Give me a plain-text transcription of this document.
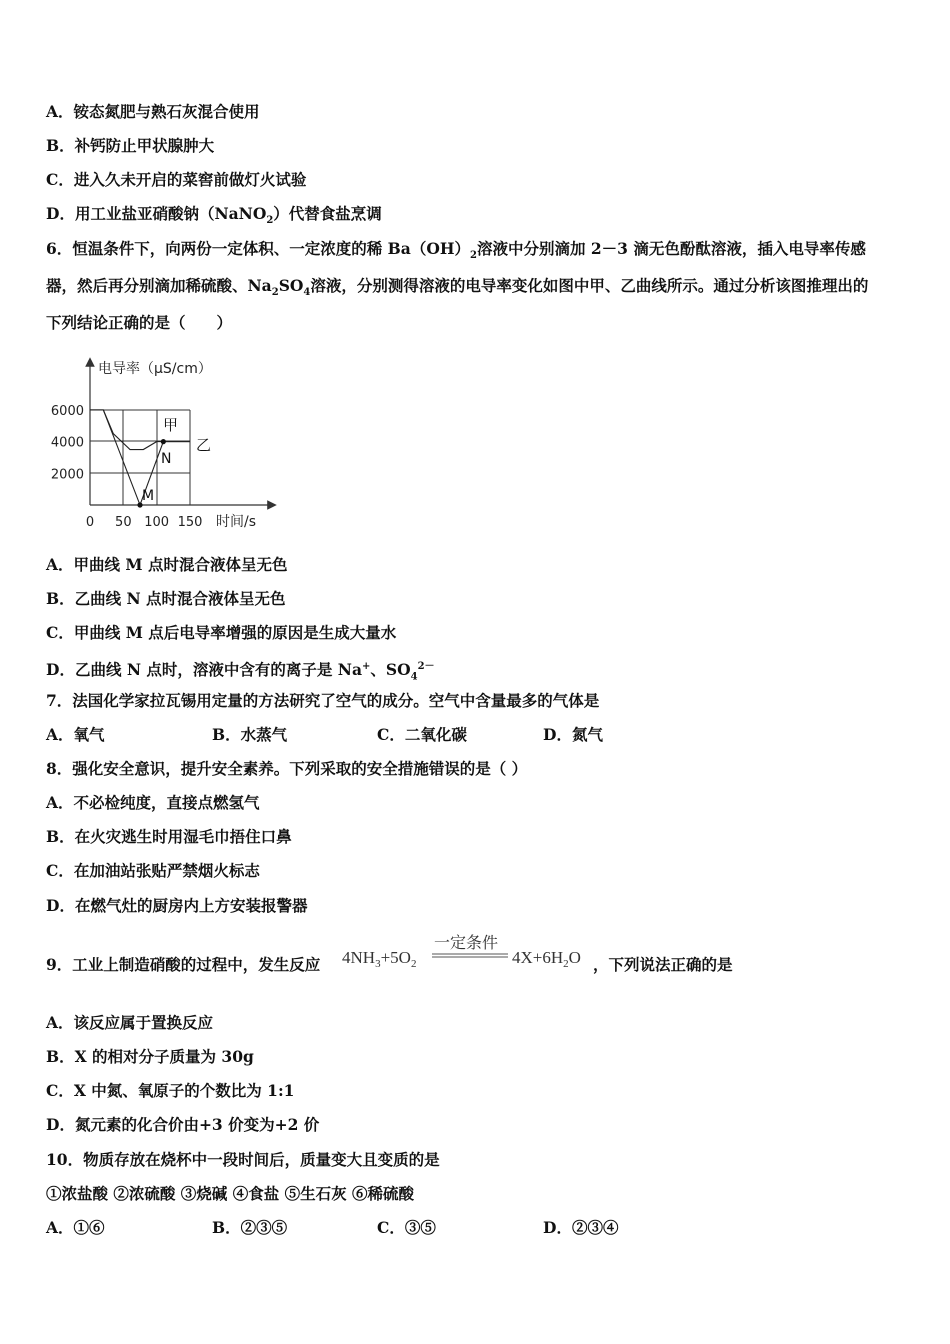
A．铵态氮肥与熟石灰混合使用
B．补钙防止甲状腺肿大
C．进入久未开启的菜窖前做灯火试验
D．用工业盐亚硝酸钠（NaNO$_2$）代替食盐烹调
6．恒温条件下，向两份一定体积、一定浓度的稀 $Ba(OH)_2$溶液中分别滴加 2－3 滴无色酚酞溶液，插入电导率传感
器，然后再分别滴加稀硫酸、$Na_2SO_4$溶液，分别测得溶液的电导率变化如图中甲、乙曲线所示。通过分析该图推理出的
下列结论正确的是（　　）
电导率（μS/cm）
时间/s
6000
4000
2000
0 50 100 150
M
N
甲
乙
A．甲曲线 M 点时混合液体呈无色
B．乙曲线 N 点时混合液体呈无色
C．甲曲线 M 点后电导率增强的原因是生成大量水
D．乙曲线 N 点时，溶液中含有的离子是 Na+、$SO_4^{2-}$
7．法国化学家拉瓦锡用定量的方法研究了空气的成分。空气中含量最多的气体是
A．氧气	B．水蒸气	C．二氧化碳	D．氮气
8．强化安全意识，提升安全素养。下列采取的安全措施错误的是（ ）
A．不必检纯度，直接点燃氢气
B．在火灾逃生时用湿毛巾捂住口鼻
C．在加油站张贴严禁烟火标志
D．在燃气灶的厨房内上方安装报警器
9．工业上制造硝酸的过程中，发生反应 $4NH_3+5O_2$
一定条件
$4X+6H_2O$ ，下列说法正确的是
A．该反应属于置换反应
B．X 的相对分子质量为 30g
C．X 中氮、氧原子的个数比为 1:1
D．氮元素的化合价由+3 价变为+2 价
10．物质存放在烧杯中一段时间后，质量变大且变质的是
①浓盐酸 ②浓硫酸 ③烧碱 ④食盐 ⑤生石灰 ⑥稀硫酸
A．①⑥	B．②③⑤	C．③⑤	D．②③④
